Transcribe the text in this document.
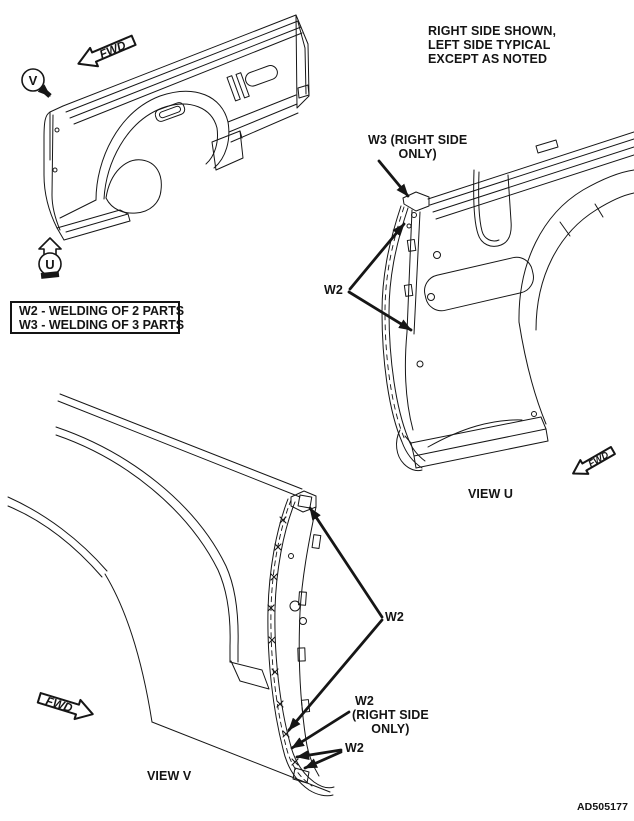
FWD
FWD
FWD
V
U
RIGHT SIDE SHOWN,
LEFT SIDE TYPICAL
EXCEPT AS NOTED
W3 (RIGHT SIDE
ONLY)
W2
W2 - WELDING OF 2 PARTS
W3 - WELDING OF 3 PARTS
VIEW U
W2
W2
(RIGHT SIDE
ONLY)
W2
VIEW V
AD505177
